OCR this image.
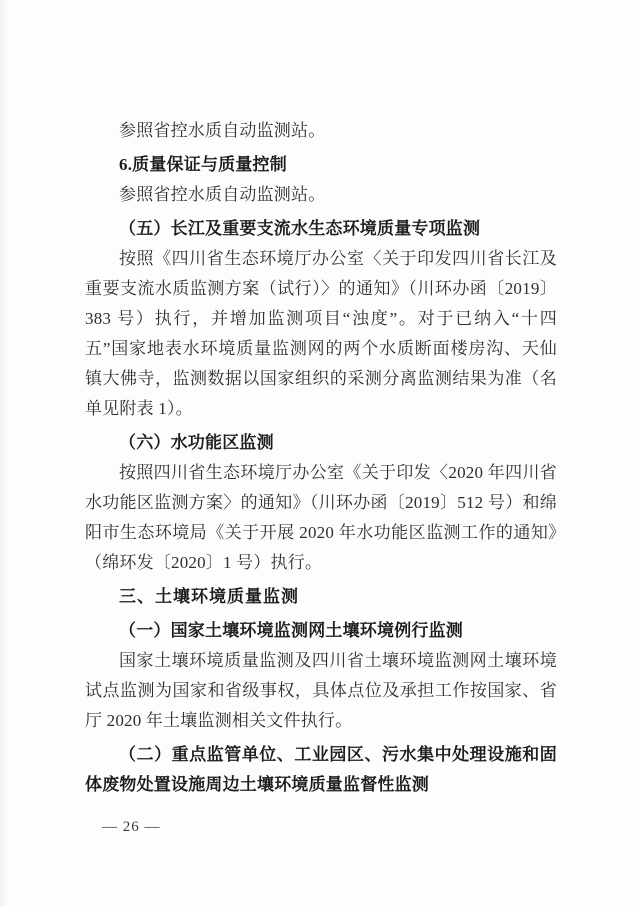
参照省控水质自动监测站。

6.质量保证与质量控制

参照省控水质自动监测站。

（五）长江及重要支流水生态环境质量专项监测

按照《四川省生态环境厅办公室〈关于印发四川省长江及重要支流水质监测方案（试行）〉的通知》（川环办函〔2019〕383 号）执行，并增加监测项目“浊度”。对于已纳入“十四五”国家地表水环境质量监测网的两个水质断面楼房沟、天仙镇大佛寺，监测数据以国家组织的采测分离监测结果为准（名单见附表 1）。

（六）水功能区监测

按照四川省生态环境厅办公室《关于印发〈2020 年四川省水功能区监测方案〉的通知》（川环办函〔2019〕512 号）和绵阳市生态环境局《关于开展 2020 年水功能区监测工作的通知》（绵环发〔2020〕1 号）执行。

三、土壤环境质量监测

（一）国家土壤环境监测网土壤环境例行监测

国家土壤环境质量监测及四川省土壤环境监测网土壤环境试点监测为国家和省级事权，具体点位及承担工作按国家、省厅 2020 年土壤监测相关文件执行。

（二）重点监管单位、工业园区、污水集中处理设施和固体废物处置设施周边土壤环境质量监督性监测

— 26 —
